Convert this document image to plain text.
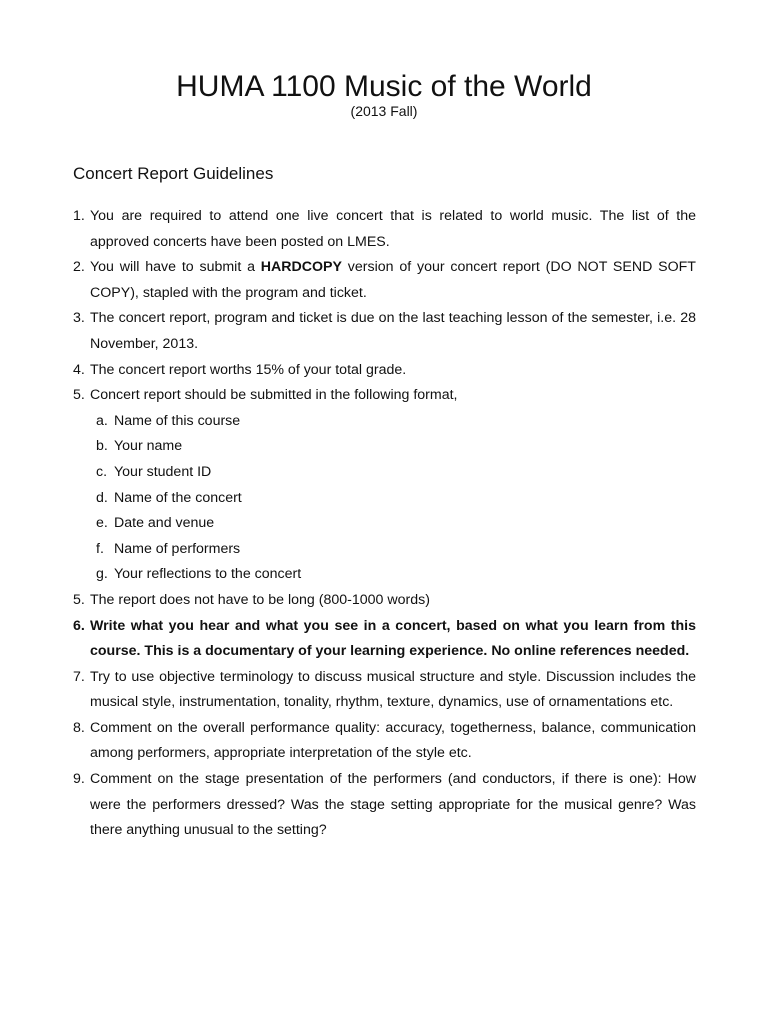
HUMA 1100 Music of the World
(2013 Fall)
Concert Report Guidelines
1. You are required to attend one live concert that is related to world music. The list of the approved concerts have been posted on LMES.
2. You will have to submit a HARDCOPY version of your concert report (DO NOT SEND SOFT COPY), stapled with the program and ticket.
3. The concert report, program and ticket is due on the last teaching lesson of the semester, i.e. 28 November, 2013.
4. The concert report worths 15% of your total grade.
5. Concert report should be submitted in the following format,
a. Name of this course
b. Your name
c. Your student ID
d. Name of the concert
e. Date and venue
f. Name of performers
g. Your reflections to the concert
5. The report does not have to be long (800-1000 words)
6. Write what you hear and what you see in a concert, based on what you learn from this course. This is a documentary of your learning experience. No online references needed.
7. Try to use objective terminology to discuss musical structure and style. Discussion includes the musical style, instrumentation, tonality, rhythm, texture, dynamics, use of ornamentations etc.
8. Comment on the overall performance quality: accuracy, togetherness, balance, communication among performers, appropriate interpretation of the style etc.
9. Comment on the stage presentation of the performers (and conductors, if there is one): How were the performers dressed? Was the stage setting appropriate for the musical genre? Was there anything unusual to the setting?
